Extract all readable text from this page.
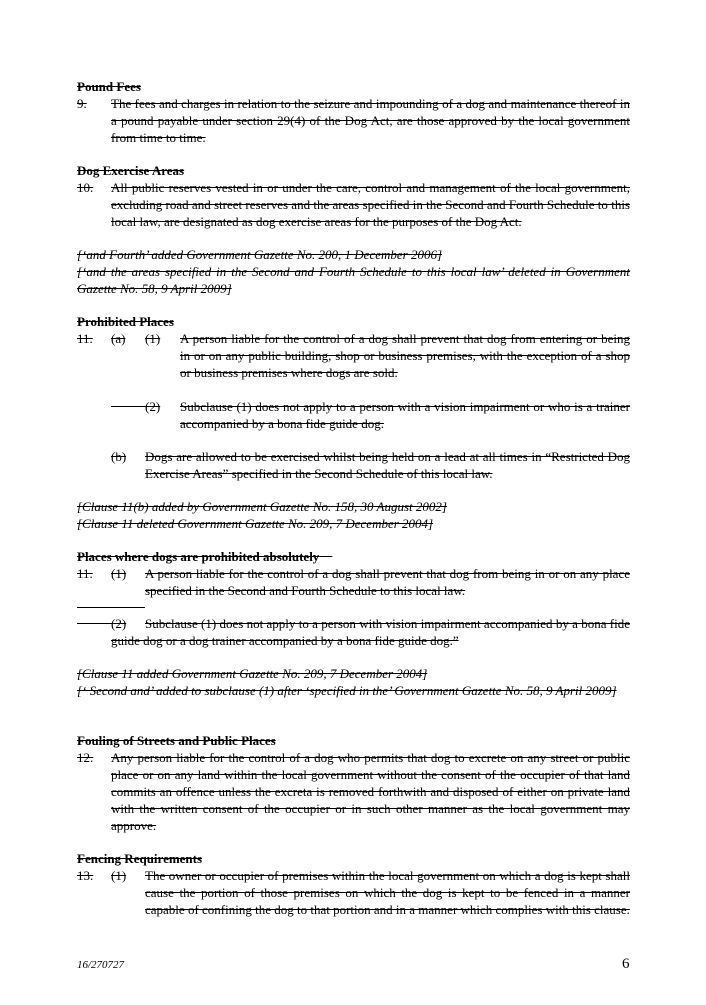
Pound Fees
9. The fees and charges in relation to the seizure and impounding of a dog and maintenance thereof in a pound payable under section 29(4) of the Dog Act, are those approved by the local government from time to time.
Dog Exercise Areas
10. All public reserves vested in or under the care, control and management of the local government, excluding road and street reserves and the areas specified in the Second and Fourth Schedule to this local law, are designated as dog exercise areas for the purposes of the Dog Act.
[‘and Fourth’ added Government Gazette No. 200, 1 December 2006]
[‘and the areas specified in the Second and Fourth Schedule to this local law’ deleted in Government Gazette No. 58, 9 April 2009]
Prohibited Places
11. (a) (1) A person liable for the control of a dog shall prevent that dog from entering or being in or on any public building, shop or business premises, with the exception of a shop or business premises where dogs are sold.
(2) Subclause (1) does not apply to a person with a vision impairment or who is a trainer accompanied by a bona fide guide dog.
(b) Dogs are allowed to be exercised whilst being held on a lead at all times in “Restricted Dog Exercise Areas” specified in the Second Schedule of this local law.
[Clause 11(b) added by Government Gazette No. 158, 30 August 2002]
[Clause 11 deleted Government Gazette No. 209, 7 December 2004]
Places where dogs are prohibited absolutely
11. (1) A person liable for the control of a dog shall prevent that dog from being in or on any place specified in the Second and Fourth Schedule to this local law.
(2)	Subclause (1) does not apply to a person with vision impairment accompanied by a bona fide guide dog or a dog trainer accompanied by a bona fide guide dog.”
[Clause 11 added Government Gazette No. 209, 7 December 2004]
[‘ Second and’ added to subclause (1) after ‘specified in the’ Government Gazette No. 58, 9 April 2009]
Fouling of Streets and Public Places
12. Any person liable for the control of a dog who permits that dog to excrete on any street or public place or on any land within the local government without the consent of the occupier of that land commits an offence unless the excreta is removed forthwith and disposed of either on private land with the written consent of the occupier or in such other manner as the local government may approve.
Fencing Requirements
13. (1) The owner or occupier of premises within the local government on which a dog is kept shall cause the portion of those premises on which the dog is kept to be fenced in a manner capable of confining the dog to that portion and in a manner which complies with this clause.
16/270727	6
